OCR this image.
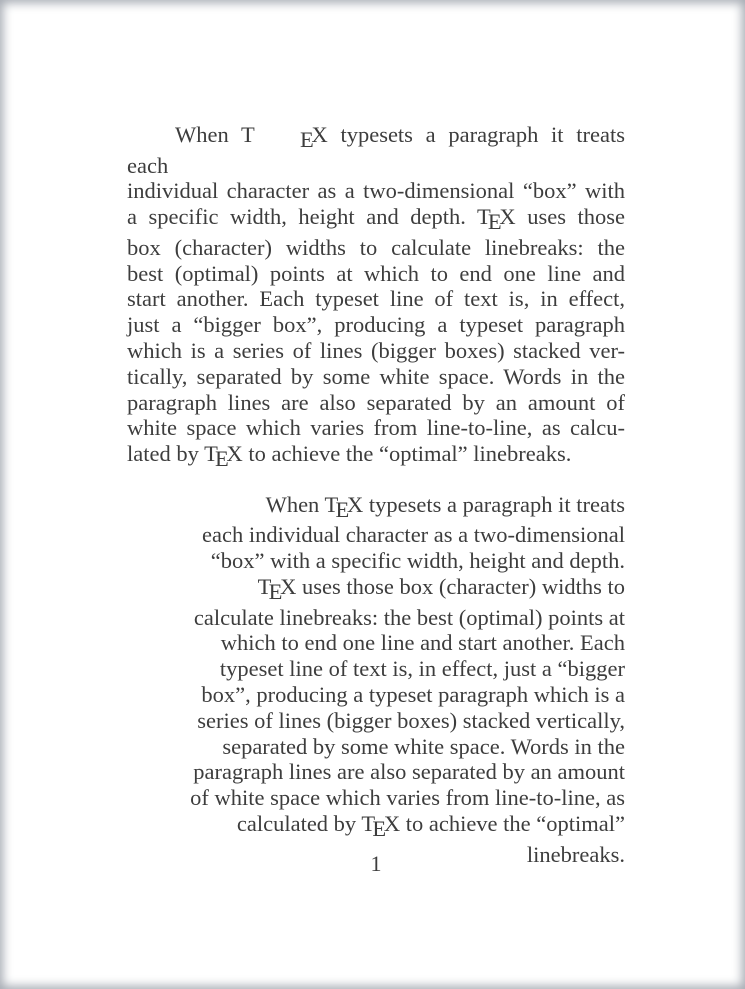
When T EX typesets a paragraph it treats each
individual character as a two-dimensional “box” with
a specific width, height and depth. TEX uses those
box (character) widths to calculate linebreaks: the
best (optimal) points at which to end one line and
start another. Each typeset line of text is, in effect,
just a “bigger box”, producing a typeset paragraph
which is a series of lines (bigger boxes) stacked ver-
tically, separated by some white space. Words in the
paragraph lines are also separated by an amount of
white space which varies from line-to-line, as calcu-
lated by TEX to achieve the “optimal” linebreaks.
When TEX typesets a paragraph it treats
each individual character as a two-dimensional
“box” with a specific width, height and depth.
TEX uses those box (character) widths to
calculate linebreaks: the best (optimal) points at
which to end one line and start another. Each
typeset line of text is, in effect, just a “bigger
box”, producing a typeset paragraph which is a
series of lines (bigger boxes) stacked vertically,
separated by some white space. Words in the
paragraph lines are also separated by an amount
of white space which varies from line-to-line, as
calculated by TEX to achieve the “optimal”
linebreaks.
1
